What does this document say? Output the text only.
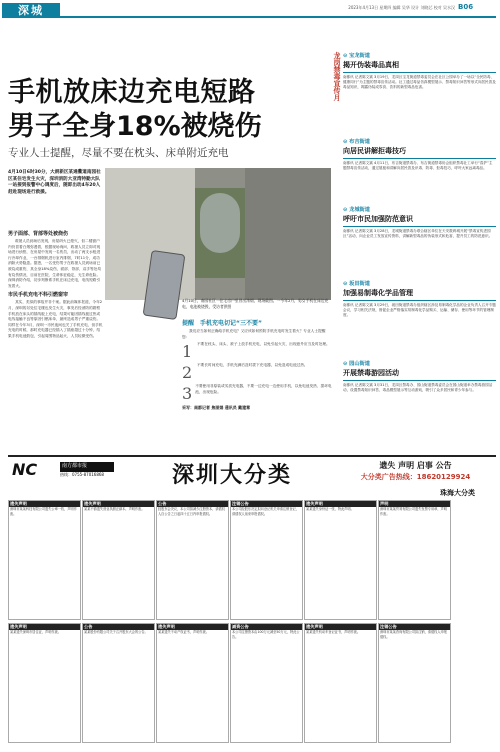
深城	2023年4月13日 星期四 编辑 吴华 设计 刘晓芯 校对 吴水汉 B06
手机放床边充电短路
男子全身18%被烧伤
专业人士提醒，尽量不要在枕头、床单附近充电
4月10日6时30分，大朗新区某通衢道南园社区某住宅发生火灾，深圳消防大亚湾特勤大队一站接到报警中心调度后，随即出动4车20人赶赴现场进行救援。
4月10日，南园社区一住宅房户里冒出浓烟，现场截图。一今年2月，男女手机在床边充电，电池被烧毁，受访者供图
龙岗禁毒宣传月
男子面部、背部等处被烧伤
救援人员到场后发现，房屋码火已熄灭，但二楼窗户内仍冒着白烟弥漫着，根据现场询问，救援人员立即对现场进行侦察，在房屋中发现一名伤员，出动了两支水枪进行冷却作业，一台排烟机进行室内排烟，7时11分，成功消除火势隐患。据悉，一名受伤男子在救援人员到场前已被烧成重伤，其全身18%烧伤，面部、背部、双手等处均有烧伤情况，目前在医院，生命体征稳定，无生命危险。深圳消防介绍，初步判断系手机在床边充电，电线短路引发着火。
市民手机充电不科引燃窗帘
其实，类似的事故并非个案。据此前媒体报道，今年2月，深圳的另处住宅楼也发生火灾，事发后经消防的勘察手机放在床头的插线板上充电，结果可能因插线板过热或电线接触不良等原因引燃床单，最终造成男子严重烧伤。同样在今年3月，深圳一市民夜间也关了手机充电，但手机充电的时候，那时充电器已经插入了插座超过十分钟，结果手机电池鼓包，引起周围物品起火，人员轻微受伤。
提醒　手机充电切记“三不要”
我们应当如何正确给手机充电？又应该如何预防手机充电时发生着火？专业人士提醒您：
1	不要在枕头、床头、被子上放手机充电，以免引起火灾，出现意外应当及时处理。
2	不要长时间充电，手机充满后及时拔下充电器，以免造成电池过热。
3 不要使用非原装或劣质充电器，不要一边充电一边使用手机，以免电池发热、损坏电池，出现危险。
采写：南都记者 焦丽娟 通讯员 戴建章
⊙ 宝龙街道
揭开伪装毒品真相
南都讯 记者陈文斌 3月19日，龙岗区宝龙街道禁毒委员会在社区公园举办了一场以“全民防毒、健康同行”为主题的禁毒宣传活动。社工通过毒品仿真模型展示、禁毒知识问答等形式向居民普及毒品知识，揭露伪装成零食、饮料的新型毒品危害。
⊙ 布吉街道
向居民讲解拒毒技巧
南都讯 记者陈文斌 4月11日，布吉街道禁毒办、布吉街道禁毒协会组织禁毒社工举行“春护”主题禁毒宣传活动，通过展板和讲解向居民普及识毒、防毒、拒毒技巧，呼吁大家远离毒品。
⊙ 龙城街道
呼吁市民加强防范意识
南都讯 记者陈文斌 3月28日，龙城街道禁毒办联合辖区单位在天安数码城开展“禁毒宣传进园区”活动，向企业员工发放宣传资料，讲解新型毒品的伪装形式和危害，提升员工的防范意识。
⊙ 坂田街道
加强易制毒化学品管理
南都讯 记者陈文斌 3月29日，坂田街道禁毒办组织辖区涉及易制毒化学品的企业负责人召开专题会议，学习相关法规，督促企业严格落实易制毒化学品购买、运输、储存、使用等环节的管理制度。
⊙ 园山街道
开展禁毒游园活动
南都讯 记者陈文斌 3月31日，龙岗区禁毒办、园山街道禁毒委员会在园山街道举办禁毒游园活动，设置禁毒知识问答、毒品模型展示等互动游戏，吸引了众多居民和青少年参与。
NC	南方都市报
热线：0755-87016868	深圳大分类	遗失 声明 启事 公告
大分类广告热线：18620129924
珠海大分类
遗失声明
深圳市某某科技有限公司遗失公章一枚，声明作废。
遗失声明
某某不慎遗失营业执照正副本，声明作废。
公告
经股东会决议，本公司拟减少注册资本，请债权人自公告之日起四十五日内申报债权。
注销公告
本公司经股东决定拟向登记机关申请注销登记，请债权人前来申报债权。
遗失声明
某某遗失身份证一张，特此声明。
声明
深圳市某某贸易有限公司遗失发票专用章，声明作废。
遗失声明
某某遗失深圳市居住证，声明作废。
公告
某某股份有限公司关于召开股东大会的公告。
遗失声明
某某遗失不动产权证书，声明作废。
减资公告
本公司注册资本由100万元减至50万元，特此公告。
遗失声明
某某遗失机动车登记证书，声明作废。
注销公告
深圳市某某咨询有限公司拟注销，请债权人申报债权。
